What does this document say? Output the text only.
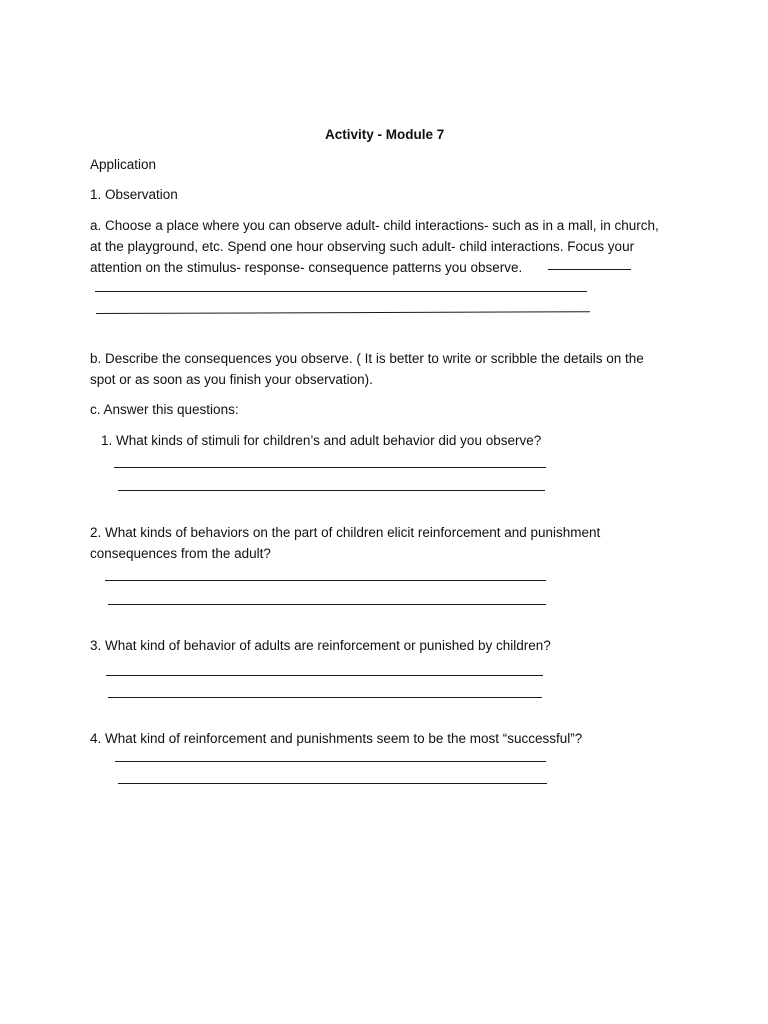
Activity - Module 7
Application
1. Observation
a. Choose a place where you can observe adult- child interactions- such as in a mall, in church,
at the playground, etc. Spend one hour observing such adult- child interactions. Focus your
attention on the stimulus- response- consequence patterns you observe.
b. Describe the consequences you observe. ( It is better to write or scribble the details on the
spot or as soon as you finish your observation).
c. Answer this questions:
1. What kinds of stimuli for children’s and adult behavior did you observe?
2. What kinds of behaviors on the part of children elicit reinforcement and punishment
consequences from the adult?
3. What kind of behavior of adults are reinforcement or punished by children?
4. What kind of reinforcement and punishments seem to be the most “successful”?
